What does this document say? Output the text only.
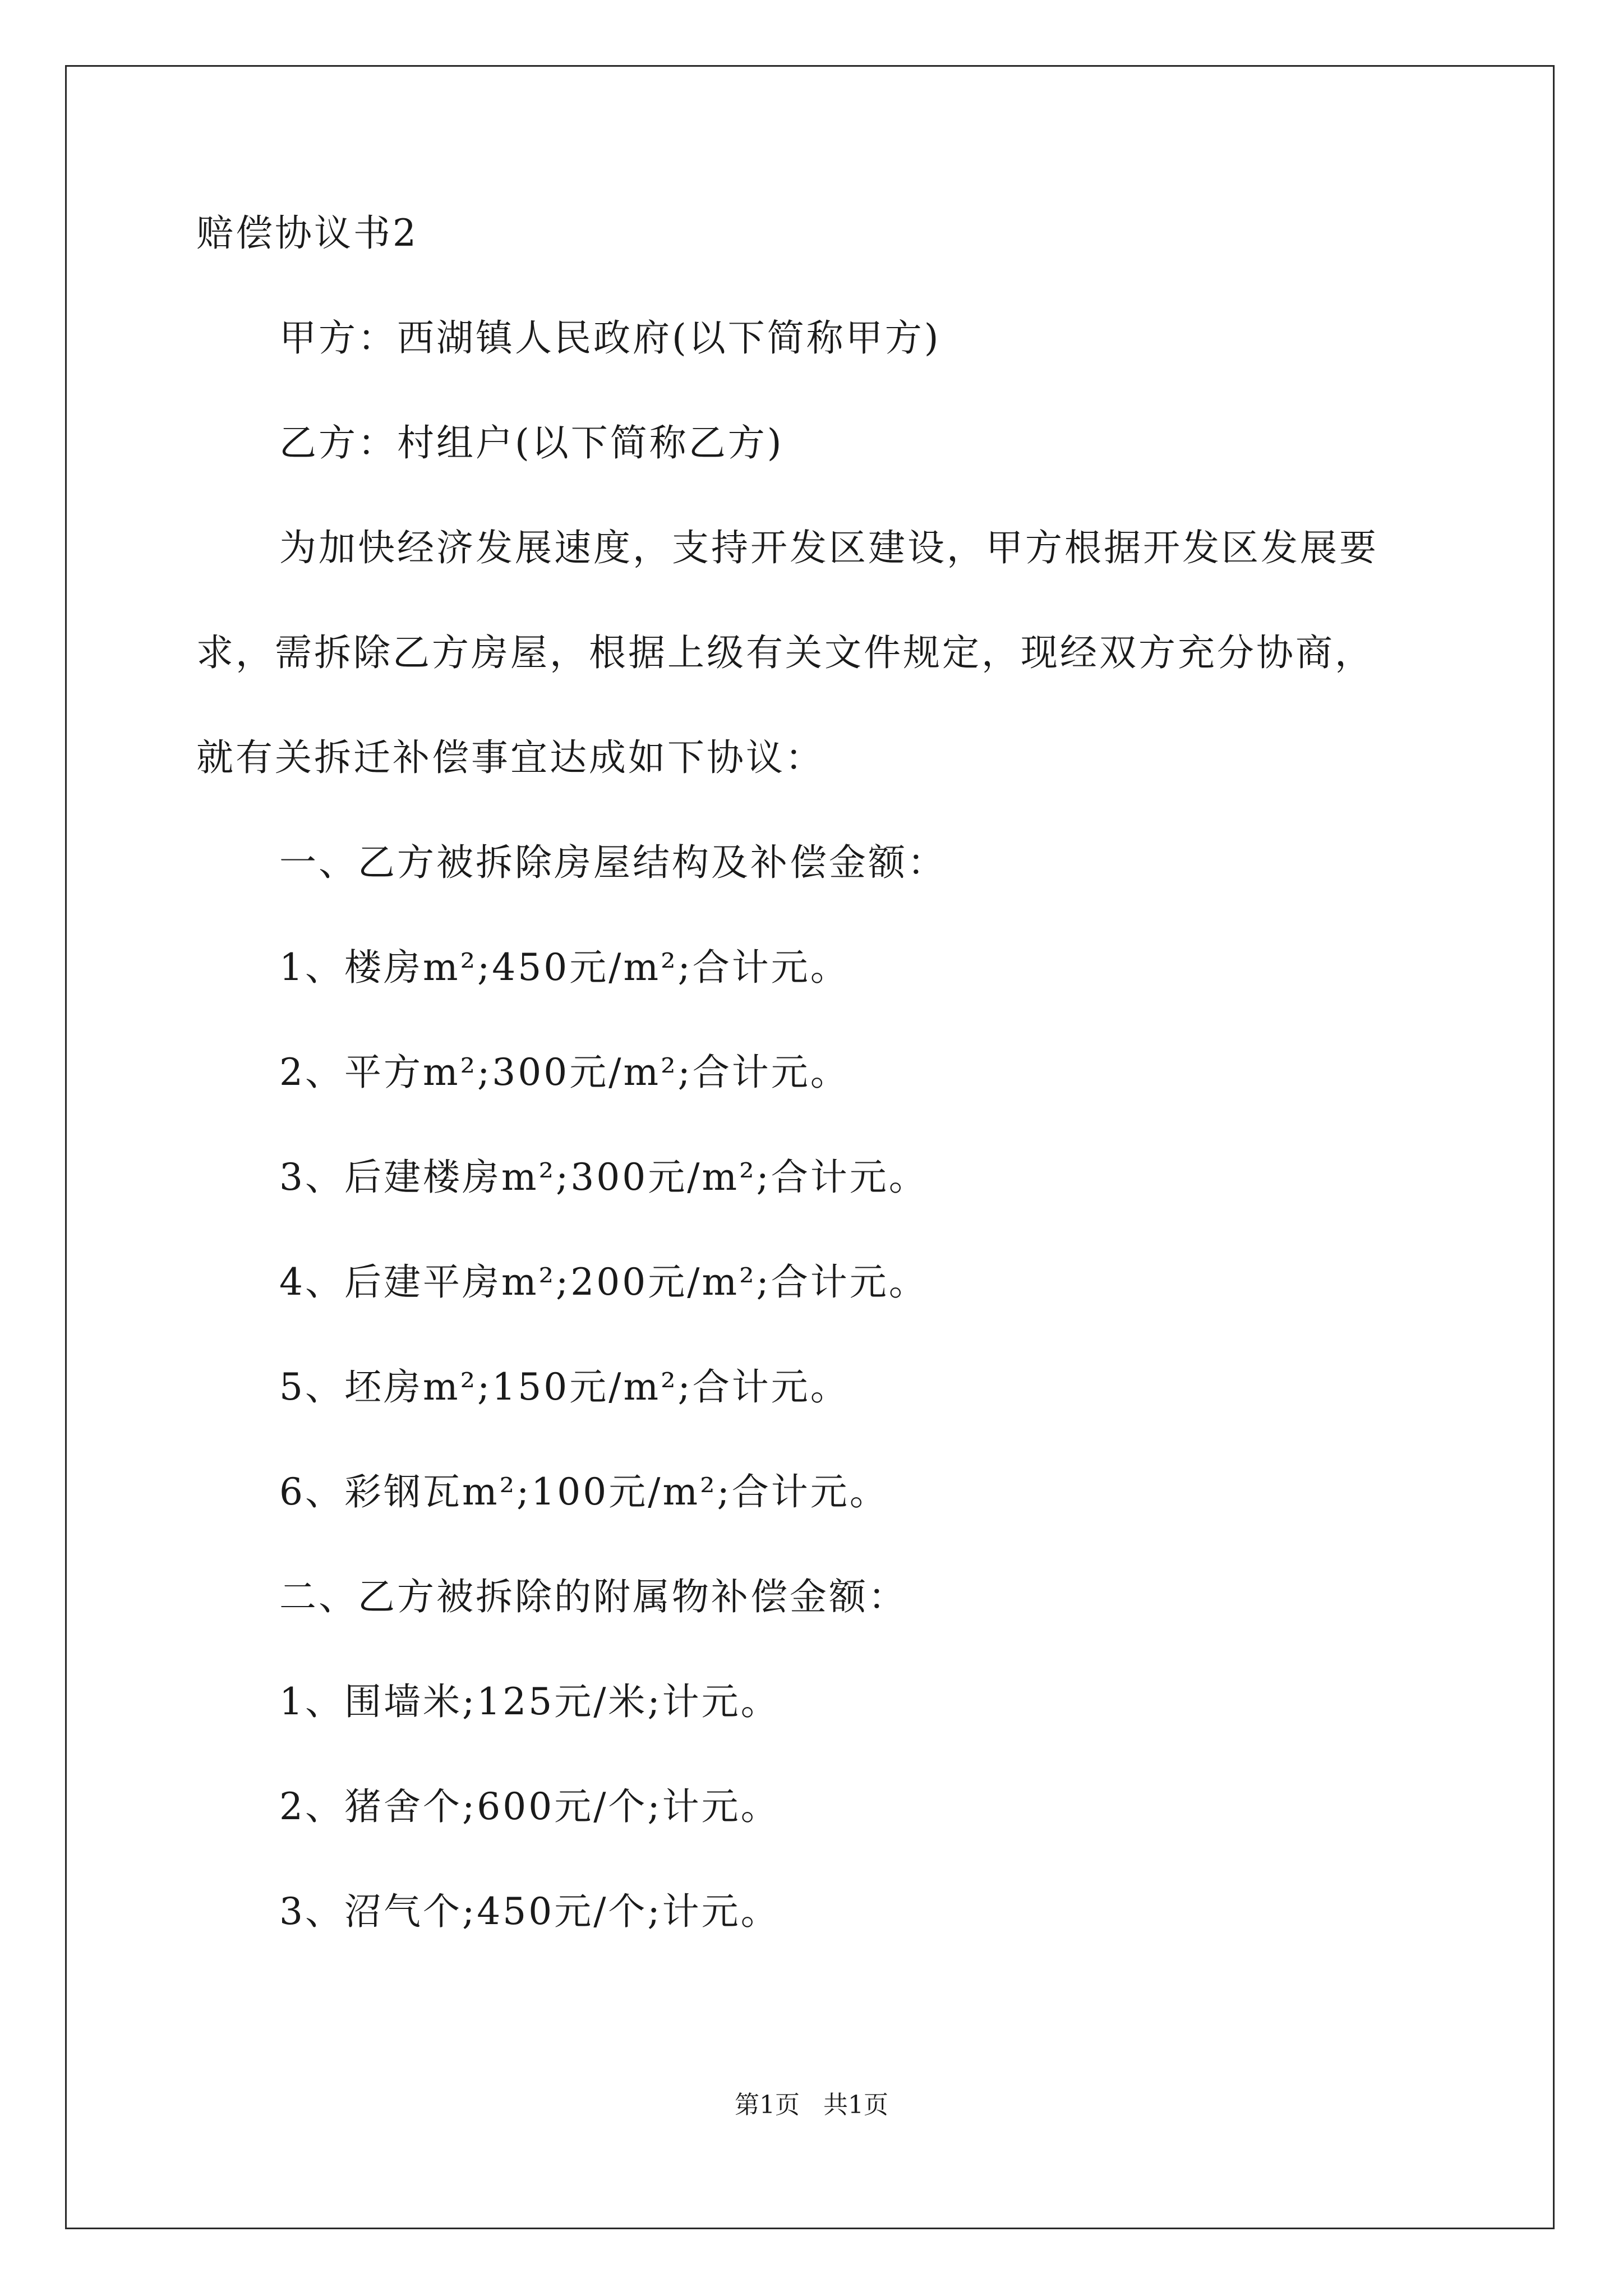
赔偿协议书2
甲方：西湖镇人民政府(以下简称甲方)
乙方：村组户(以下简称乙方)
为加快经济发展速度，支持开发区建设，甲方根据开发区发展要
求，需拆除乙方房屋，根据上级有关文件规定，现经双方充分协商，
就有关拆迁补偿事宜达成如下协议：
一、乙方被拆除房屋结构及补偿金额：
1、楼房m²;450元/m²;合计元。
2、平方m²;300元/m²;合计元。
3、后建楼房m²;300元/m²;合计元。
4、后建平房m²;200元/m²;合计元。
5、坯房m²;150元/m²;合计元。
6、彩钢瓦m²;100元/m²;合计元。
二、乙方被拆除的附属物补偿金额：
1、围墙米;125元/米;计元。
2、猪舍个;600元/个;计元。
3、沼气个;450元/个;计元。
第1页   共1页
